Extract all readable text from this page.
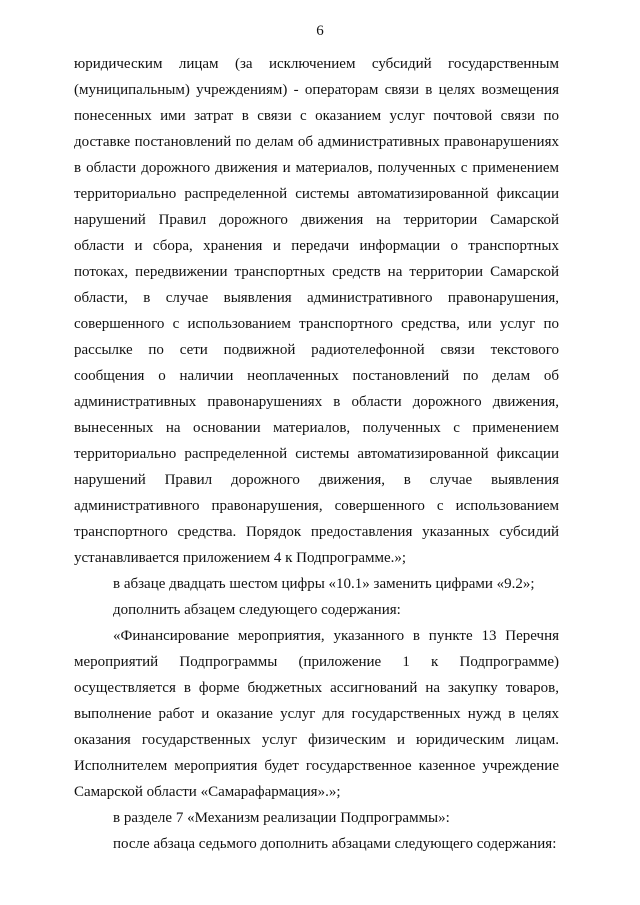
6
юридическим лицам (за исключением субсидий государственным
(муниципальным) учреждениям) - операторам связи в целях возмещения
понесенных ими затрат в связи с оказанием услуг почтовой связи по
доставке постановлений по делам об административных правонарушениях
в области дорожного движения и материалов, полученных с применением
территориально распределенной системы автоматизированной фиксации
нарушений Правил дорожного движения на территории Самарской
области и сбора, хранения и передачи информации о транспортных
потоках, передвижении транспортных средств на территории Самарской
области, в случае выявления административного правонарушения,
совершенного с использованием транспортного средства, или услуг по
рассылке по сети подвижной радиотелефонной связи текстового
сообщения о наличии неоплаченных постановлений по делам об
административных правонарушениях в области дорожного движения,
вынесенных на основании материалов, полученных с применением
территориально распределенной системы автоматизированной фиксации
нарушений Правил дорожного движения, в случае выявления
административного правонарушения, совершенного с использованием
транспортного средства. Порядок предоставления указанных субсидий
устанавливается приложением 4 к Подпрограмме.»;
в абзаце двадцать шестом цифры «10.1» заменить цифрами «9.2»;
дополнить абзацем следующего содержания:
«Финансирование мероприятия, указанного в пункте 13 Перечня
мероприятий Подпрограммы (приложение 1 к Подпрограмме)
осуществляется в форме бюджетных ассигнований на закупку товаров,
выполнение работ и оказание услуг для государственных нужд в целях
оказания государственных услуг физическим и юридическим лицам.
Исполнителем мероприятия будет государственное казенное учреждение
Самарской области «Самарафармация».»;
в разделе 7 «Механизм реализации Подпрограммы»:
после абзаца седьмого дополнить абзацами следующего содержания:
